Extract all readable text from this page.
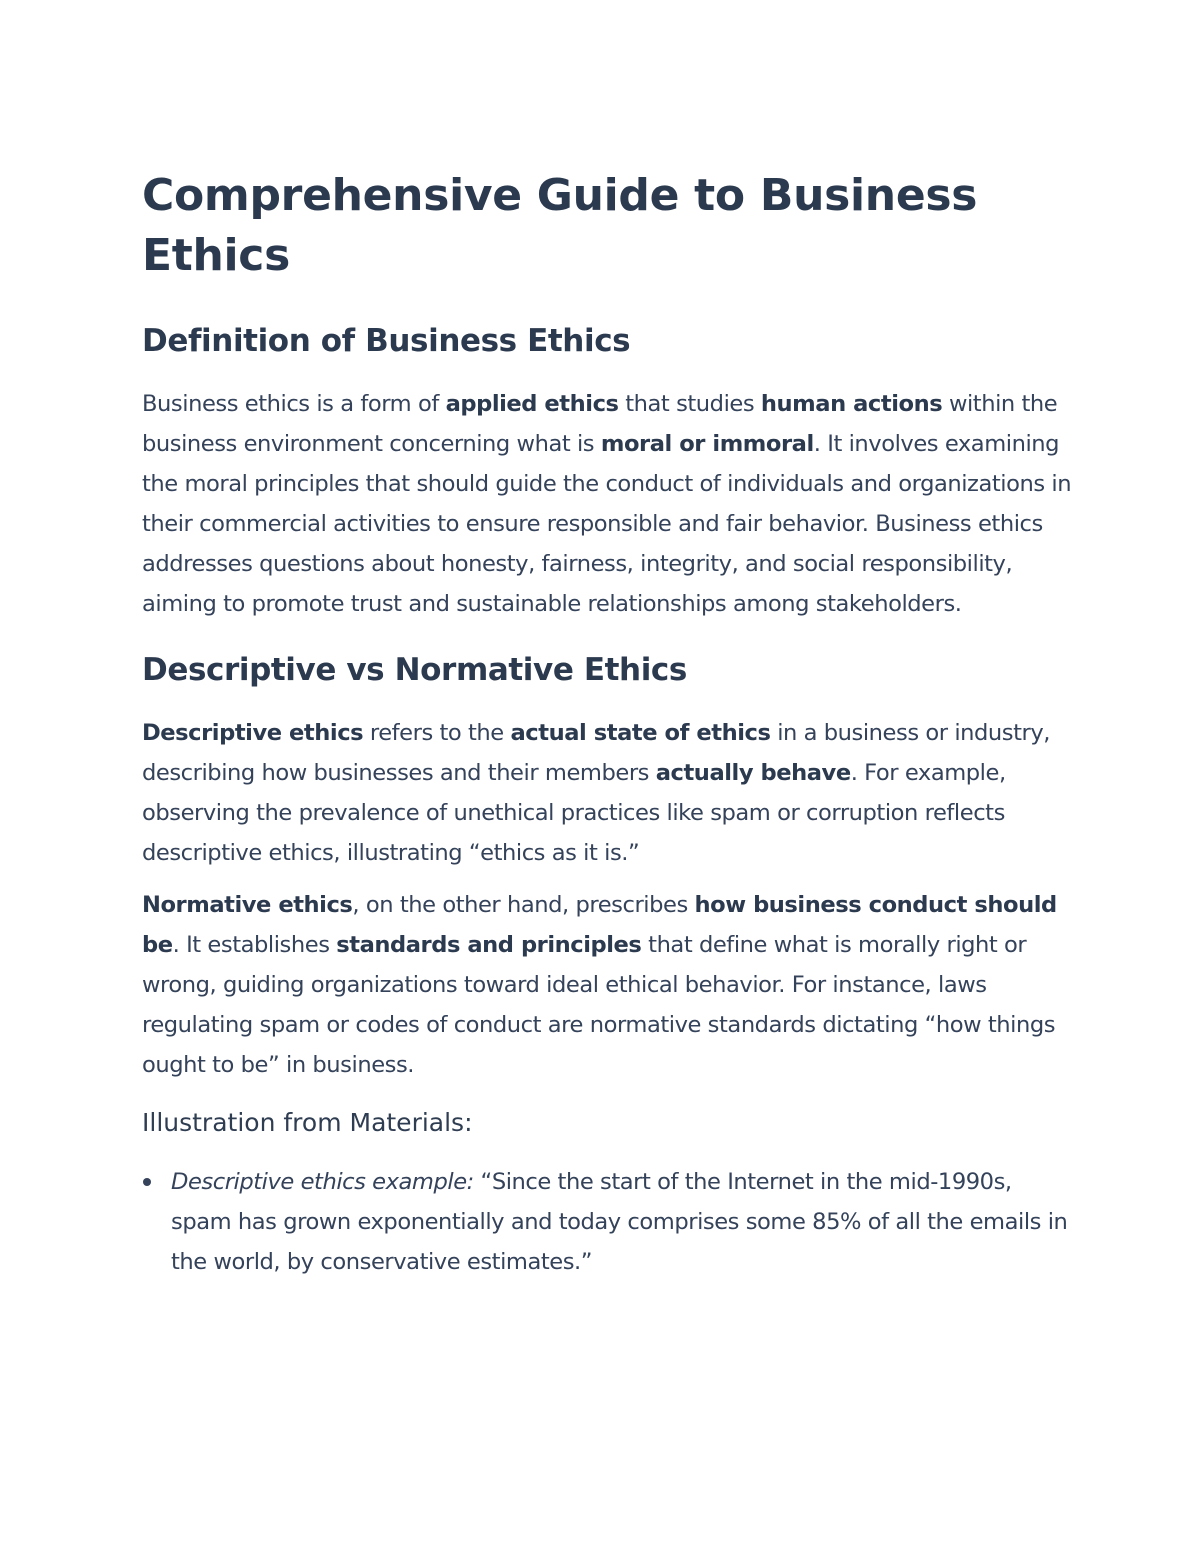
Comprehensive Guide to Business Ethics
Definition of Business Ethics

Business ethics is a form of applied ethics that studies human actions within the business environment concerning what is moral or immoral. It involves examining the moral principles that should guide the conduct of individuals and organizations in their commercial activities to ensure responsible and fair behavior. Business ethics addresses questions about honesty, fairness, integrity, and social responsibility, aiming to promote trust and sustainable relationships among stakeholders.

Descriptive vs Normative Ethics

Descriptive ethics refers to the actual state of ethics in a business or industry, describing how businesses and their members actually behave. For example, observing the prevalence of unethical practices like spam or corruption reflects descriptive ethics, illustrating “ethics as it is.”

Normative ethics, on the other hand, prescribes how business conduct should be. It establishes standards and principles that define what is morally right or wrong, guiding organizations toward ideal ethical behavior. For instance, laws regulating spam or codes of conduct are normative standards dictating “how things ought to be” in business.

Illustration from Materials:
Descriptive ethics example: “Since the start of the Internet in the mid-1990s, spam has grown exponentially and today comprises some 85% of all the emails in the world, by conservative estimates.”
